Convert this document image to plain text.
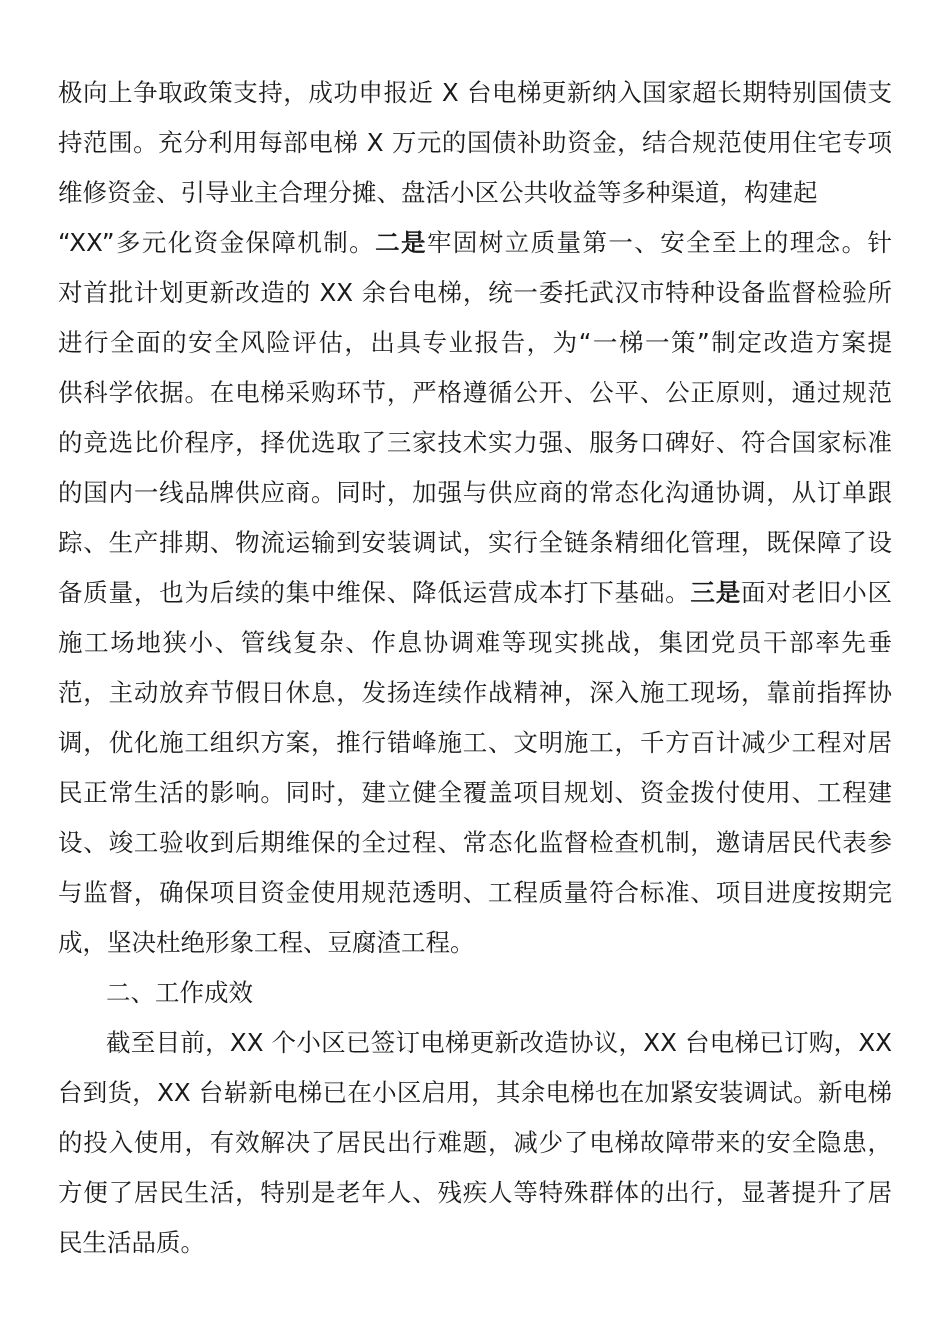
极向上争取政策支持，成功申报近 X 台电梯更新纳入国家超长期特别国债支
持范围。充分利用每部电梯 X 万元的国债补助资金，结合规范使用住宅专项
维修资金、引导业主合理分摊、盘活小区公共收益等多种渠道，构建起
“XX”多元化资金保障机制。二是牢固树立质量第一、安全至上的理念。针
对首批计划更新改造的 XX 余台电梯，统一委托武汉市特种设备监督检验所
进行全面的安全风险评估，出具专业报告，为“一梯一策”制定改造方案提
供科学依据。在电梯采购环节，严格遵循公开、公平、公正原则，通过规范
的竞选比价程序，择优选取了三家技术实力强、服务口碑好、符合国家标准
的国内一线品牌供应商。同时，加强与供应商的常态化沟通协调，从订单跟
踪、生产排期、物流运输到安装调试，实行全链条精细化管理，既保障了设
备质量，也为后续的集中维保、降低运营成本打下基础。三是面对老旧小区
施工场地狭小、管线复杂、作息协调难等现实挑战，集团党员干部率先垂
范，主动放弃节假日休息，发扬连续作战精神，深入施工现场，靠前指挥协
调，优化施工组织方案，推行错峰施工、文明施工，千方百计减少工程对居
民正常生活的影响。同时，建立健全覆盖项目规划、资金拨付使用、工程建
设、竣工验收到后期维保的全过程、常态化监督检查机制，邀请居民代表参
与监督，确保项目资金使用规范透明、工程质量符合标准、项目进度按期完
成，坚决杜绝形象工程、豆腐渣工程。
二、工作成效
截至目前，XX 个小区已签订电梯更新改造协议，XX 台电梯已订购，XX
台到货，XX 台崭新电梯已在小区启用，其余电梯也在加紧安装调试。新电梯
的投入使用，有效解决了居民出行难题，减少了电梯故障带来的安全隐患，
方便了居民生活，特别是老年人、残疾人等特殊群体的出行，显著提升了居
民生活品质。
